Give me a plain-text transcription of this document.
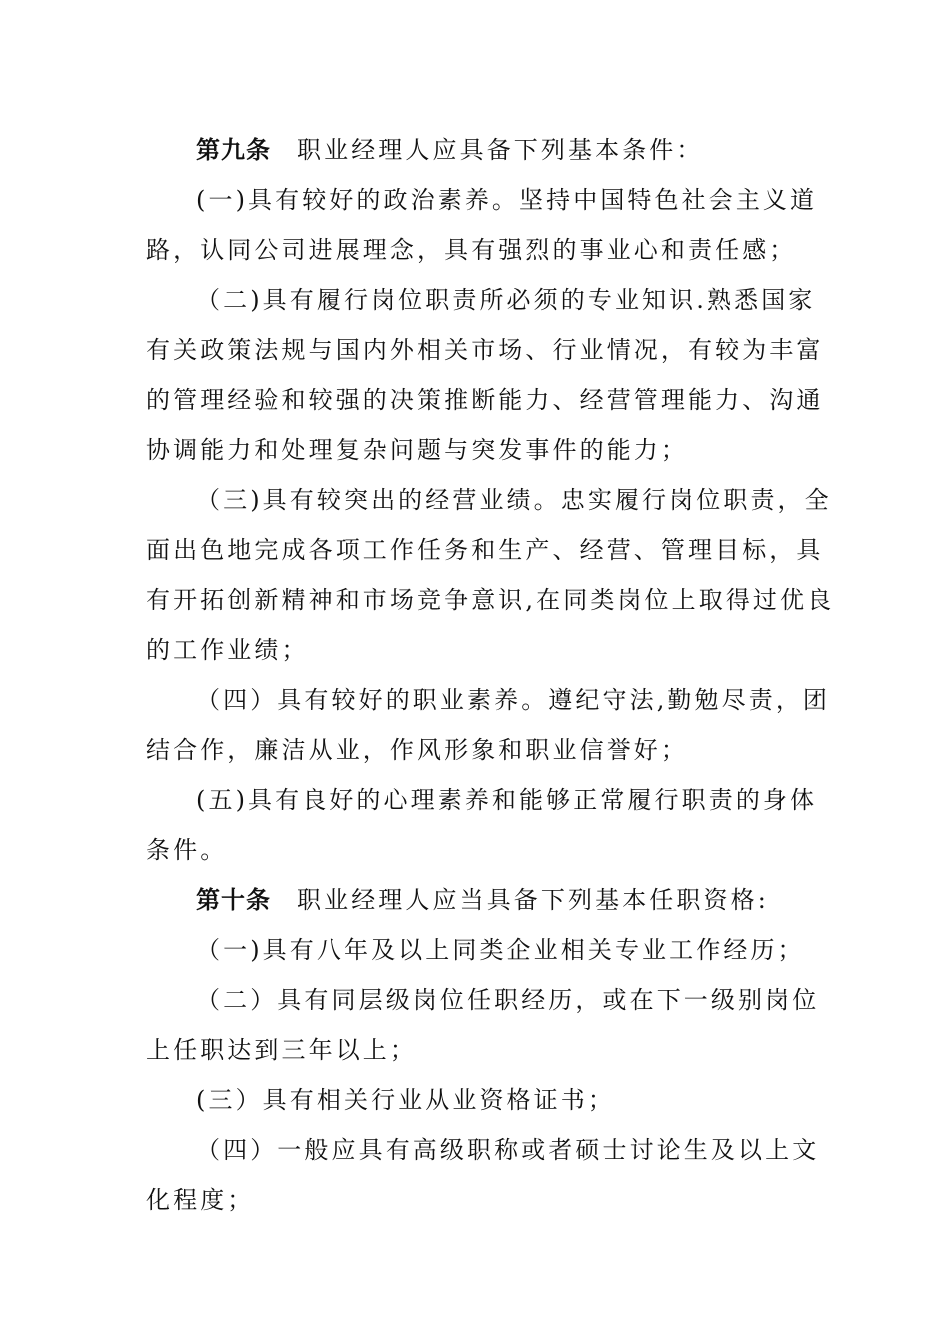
第九条 职业经理人应具备下列基本条件：
(一)具有较好的政治素养。坚持中国特色社会主义道
路，认同公司进展理念，具有强烈的事业心和责任感；
（二)具有履行岗位职责所必须的专业知识.熟悉国家
有关政策法规与国内外相关市场、行业情况，有较为丰富
的管理经验和较强的决策推断能力、经营管理能力、沟通
协调能力和处理复杂问题与突发事件的能力；
（三)具有较突出的经营业绩。忠实履行岗位职责，全
面出色地完成各项工作任务和生产、经营、管理目标，具
有开拓创新精神和市场竞争意识,在同类岗位上取得过优良
的工作业绩；
（四）具有较好的职业素养。遵纪守法,勤勉尽责，团
结合作，廉洁从业，作风形象和职业信誉好；
(五)具有良好的心理素养和能够正常履行职责的身体
条件。
第十条 职业经理人应当具备下列基本任职资格:
（一)具有八年及以上同类企业相关专业工作经历；
（二）具有同层级岗位任职经历，或在下一级别岗位
上任职达到三年以上；
(三）具有相关行业从业资格证书；
（四）一般应具有高级职称或者硕士讨论生及以上文
化程度；
